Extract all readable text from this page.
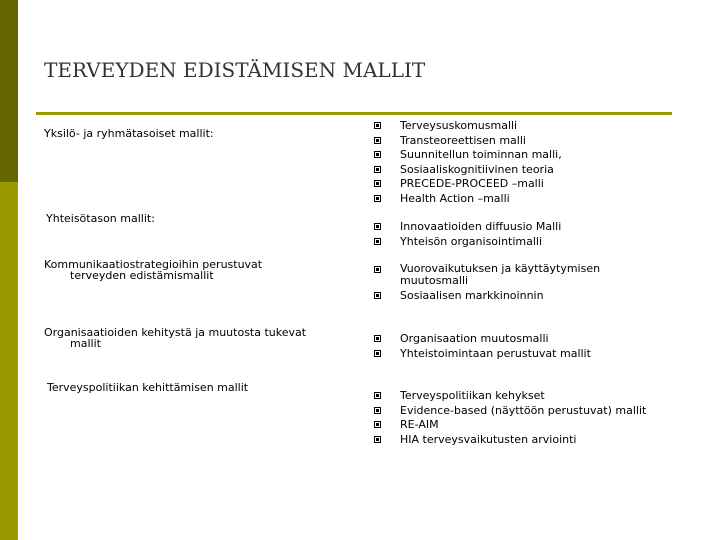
TERVEYDEN EDISTÄMISEN MALLIT
Yksilö- ja ryhmätasoiset mallit:
Terveysuskomusmalli
Transteoreettisen malli
Suunnitellun toiminnan malli,
Sosiaaliskognitiivinen teoria
PRECEDE-PROCEED –malli
Health Action –malli
Yhteisötason mallit:
Innovaatioiden diffuusio Malli
Yhteisön organisointimalli
Kommunikaatiostrategioihin perustuvat
terveyden edistämismallit
Vuorovaikutuksen ja käyttäytymisen
muutosmalli
Sosiaalisen markkinoinnin
Organisaatioiden kehitystä ja muutosta tukevat
mallit	Organisaation muutosmalli
Yhteistoimintaan perustuvat mallit
Terveyspolitiikan kehittämisen mallit
Terveyspolitiikan kehykset
Evidence-based (näyttöön perustuvat) mallit
RE-AIM
HIA terveysvaikutusten arviointi
